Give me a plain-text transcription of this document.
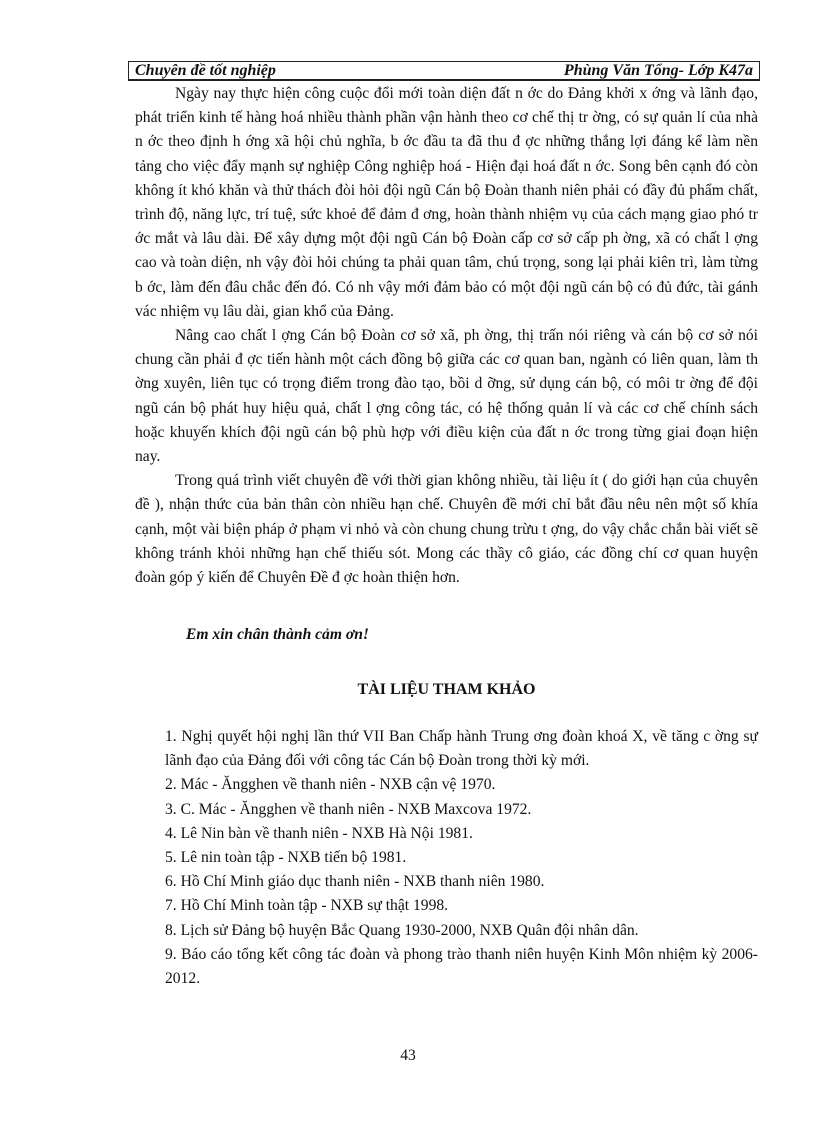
Chuyên đề tốt nghiệp	Phùng Văn Tổng- Lớp K47a

Ngày nay thực hiện công cuộc đổi mới toàn diện đất n ớc do Đảng khởi x ớng và lãnh đạo, phát triển kinh tế hàng hoá nhiều thành phần vận hành theo cơ chế thị tr ờng, có sự quản lí của nhà n ớc theo định h ớng xã hội chủ nghĩa, b ớc đầu ta đã thu đ ợc những thắng lợi đáng kể làm nền tảng cho việc đẩy mạnh sự nghiệp Công nghiệp hoá - Hiện đại hoá đất n ớc. Song bên cạnh đó còn không ít khó khăn và thử thách đòi hỏi đội ngũ Cán bộ Đoàn thanh niên phải có đầy đủ phẩm chất, trình độ, năng lực, trí tuệ, sức khoẻ để đảm đ ơng, hoàn thành nhiệm vụ của cách mạng giao phó tr ớc mắt và lâu dài. Để xây dựng một đội ngũ Cán bộ Đoàn cấp cơ sở cấp ph ờng, xã có chất l ợng cao và toàn diện, nh vậy đòi hỏi chúng ta phải quan tâm, chú trọng, song lại phải kiên trì, làm từng b ớc, làm đến đâu chắc đến đó. Có nh vậy mới đảm bảo có một đội ngũ cán bộ có đủ đức, tài gánh vác nhiệm vụ lâu dài, gian khổ của Đảng.

Nâng cao chất l ợng Cán bộ Đoàn cơ sở xã, ph ờng, thị trấn nói riêng và cán bộ cơ sở nói chung cần phải đ ợc tiến hành một cách đồng bộ giữa các cơ quan ban, ngành có liên quan, làm th ờng xuyên, liên tục có trọng điểm trong đào tạo, bồi d ỡng, sử dụng cán bộ, có môi tr ờng để đội ngũ cán bộ phát huy hiệu quả, chất l ợng công tác, có hệ thống quản lí và các cơ chế chính sách hoặc khuyến khích đội ngũ cán bộ phù hợp với điều kiện của đất n ớc trong từng giai đoạn hiện nay.

Trong quá trình viết chuyên đề với thời gian không nhiều, tài liệu ít ( do giới hạn của chuyên đề ), nhận thức của bản thân còn nhiều hạn chế. Chuyên đề mới chỉ bắt đầu nêu nên một số khía cạnh, một vài biện pháp ở phạm vi nhỏ và còn chung chung trừu t ợng, do vậy chắc chắn bài viết sẽ không tránh khỏi những hạn chế thiếu sót. Mong các thầy cô giáo, các đồng chí cơ quan huyện đoàn góp ý kiến để Chuyên Đề đ ợc hoàn thiện hơn.

Em xin chân thành cảm ơn!
TÀI LIỆU THAM KHẢO
1. Nghị quyết hội nghị lần thứ VII Ban Chấp hành Trung ơng đoàn khoá X, về tăng c ờng sự lãnh đạo của Đảng đối với công tác Cán bộ Đoàn trong thời kỳ mới.
2. Mác - Ăngghen về thanh niên - NXB cận vệ 1970.
3. C. Mác - Ăngghen về thanh niên - NXB Maxcova 1972.
4. Lê Nin bàn về thanh niên - NXB Hà Nội 1981.
5. Lê nin toàn tập - NXB tiến bộ 1981.
6. Hồ Chí Minh giáo dục thanh niên - NXB thanh niên 1980.
7. Hồ Chí Minh toàn tập - NXB sự thật 1998.
8. Lịch sử Đảng bộ huyện Bắc Quang 1930-2000, NXB Quân đội nhân dân.
9. Báo cáo tổng kết công tác đoàn và phong trào thanh niên huyện Kinh Môn nhiệm kỳ 2006-2012.
43
